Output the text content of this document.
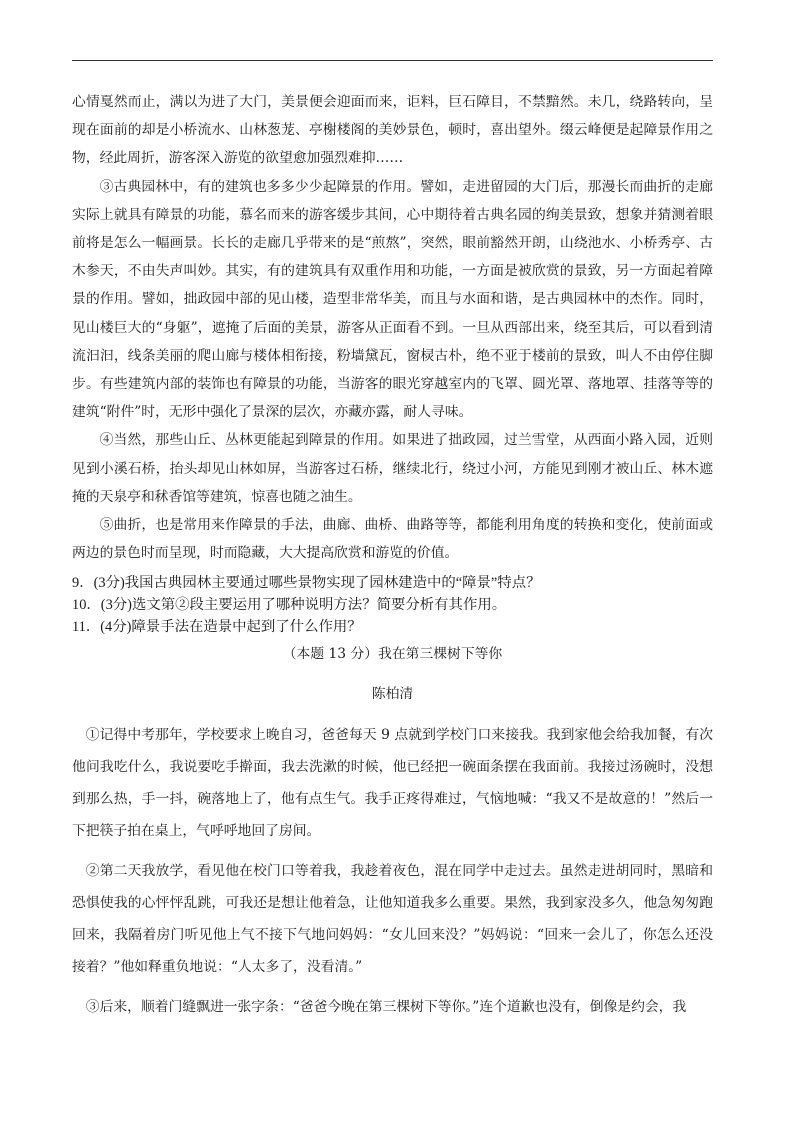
心情戛然而止，满以为进了大门，美景便会迎面而来，讵料，巨石障目，不禁黯然。未几，绕路转向，呈现在面前的却是小桥流水、山林葱茏、亭榭楼阁的美妙景色，顿时，喜出望外。缀云峰便是起障景作用之物，经此周折，游客深入游览的欲望愈加强烈难抑……

③古典园林中，有的建筑也多多少少起障景的作用。譬如，走进留园的大门后，那漫长而曲折的走廊实际上就具有障景的功能，慕名而来的游客缓步其间，心中期待着古典名园的绚美景致，想象并猜测着眼前将是怎么一幅画景。长长的走廊几乎带来的是“煎熬”，突然，眼前豁然开朗，山绕池水、小桥秀亭、古木参天，不由失声叫妙。其实，有的建筑具有双重作用和功能，一方面是被欣赏的景致，另一方面起着障景的作用。譬如，拙政园中部的见山楼，造型非常华美，而且与水面和谐，是古典园林中的杰作。同时，见山楼巨大的“身躯”，遮掩了后面的美景，游客从正面看不到。一旦从西部出来，绕至其后，可以看到清流汩汩，线条美丽的爬山廊与楼体相衔接，粉墙黛瓦，窗棂古朴，绝不亚于楼前的景致，叫人不由停住脚步。有些建筑内部的装饰也有障景的功能，当游客的眼光穿越室内的飞罩、圆光罩、落地罩、挂落等等的建筑“附件”时，无形中强化了景深的层次，亦藏亦露，耐人寻味。

④当然，那些山丘、丛林更能起到障景的作用。如果进了拙政园，过兰雪堂，从西面小路入园，近则见到小溪石桥，抬头却见山林如屏，当游客过石桥，继续北行，绕过小河，方能见到刚才被山丘、林木遮掩的天泉亭和秫香馆等建筑，惊喜也随之油生。

⑤曲折，也是常用来作障景的手法，曲廊、曲桥、曲路等等，都能利用角度的转换和变化，使前面或两边的景色时而呈现，时而隐藏，大大提高欣赏和游览的价值。

9．(3分)我国古典园林主要通过哪些景物实现了园林建造中的“障景”特点？

10．(3分)选文第②段主要运用了哪种说明方法？简要分析有其作用。

11．(4分)障景手法在造景中起到了什么作用？

（本题 13 分）我在第三棵树下等你

陈柏清

①记得中考那年，学校要求上晚自习，爸爸每天 9 点就到学校门口来接我。我到家他会给我加餐，有次他问我吃什么，我说要吃手擀面，我去洗漱的时候，他已经把一碗面条摆在我面前。我接过汤碗时，没想到那么热，手一抖，碗落地上了，他有点生气。我手正疼得难过，气恼地喊：“我又不是故意的！”然后一下把筷子拍在桌上，气呼呼地回了房间。

②第二天我放学，看见他在校门口等着我，我趁着夜色，混在同学中走过去。虽然走进胡同时，黑暗和恐惧使我的心怦怦乱跳，可我还是想让他着急，让他知道我多么重要。果然，我到家没多久，他急匆匆跑回来，我隔着房门听见他上气不接下气地问妈妈：“女儿回来没？”妈妈说：“回来一会儿了，你怎么还没接着？”他如释重负地说：“人太多了，没看清。”

③后来，顺着门缝飘进一张字条：“爸爸今晚在第三棵树下等你。”连个道歉也没有，倒像是约会，我
